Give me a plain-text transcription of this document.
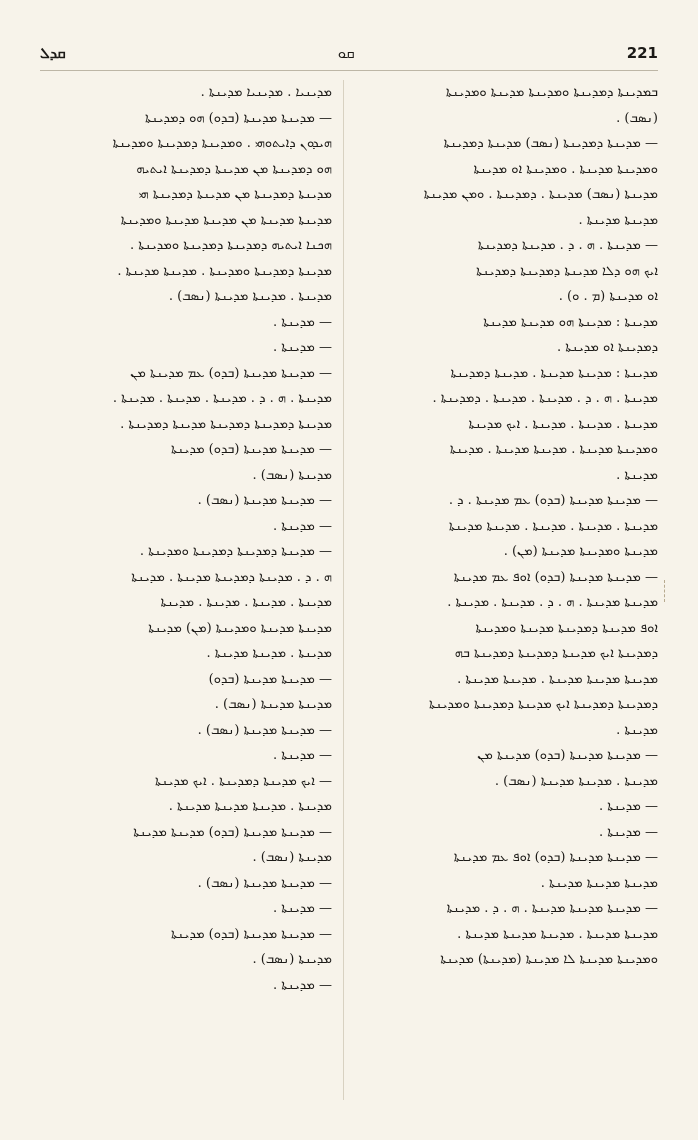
ܩܕܠ	ܩܘ	221
ܡܕܝܢܝܐ . ܡܕܝܢܝܐ ܡܕܝܢܬܐ .
— ܡܕܝܢܬܐ ܡܕܝܢܬܐ (ܒܕܘ) ܗܘ ܕܡܕܝܢܬܐ
ܗܝܕܘܢ ܕܐܝܬܘܗܝ . ܘܡܕܝܢܬܐ ܕܡܕܝܢܬܐ ܘܡܕܝܢܬܐ
ܗܘ ܕܡܕܝܢܬܐ ܡܢ ܡܕܝܢܬܐ ܕܡܕܝܢܬܐ ܐܝܬܝܗ
ܡܕܝܢܬܐ ܕܡܕܝܢܬܐ ܡܢ ܡܕܝܢܬܐ ܕܡܕܝܢܬܐ ܗܝ
ܡܕܝܢܬܐ ܡܕܝܢܬܐ ܡܢ ܡܕܝܢܬܐ ܡܕܝܢܬܐ ܘܡܕܝܢܬܐ
ܗܟܢܐ ܐܝܬܝܗ ܕܡܕܝܢܬܐ ܕܡܕܝܢܬܐ ܘܡܕܝܢܬܐ .
ܡܕܝܢܬܐ ܕܡܕܝܢܬܐ ܘܡܕܝܢܬܐ . ܡܕܝܢܬܐ ܡܕܝܢܬܐ .
ܡܕܝܢܬܐ . ܡܕܝܢܬܐ ܡܕܝܢܬܐ (ܢܣܒ) .
— ܡܕܝܢܬܐ .
— ܡܕܝܢܬܐ .
— ܡܕܝܢܬܐ ܡܕܝܢܬܐ (ܒܕܘ) ܥܡ ܡܕܝܢܬܐ ܡܢ
ܡܕܝܢܬܐ . ܗ . ܕ . ܡܕܝܢܬܐ . ܡܕܝܢܬܐ . ܡܕܝܢܬܐ .
ܡܕܝܢܬܐ ܕܡܕܝܢܬܐ ܕܡܕܝܢܬܐ ܡܕܝܢܬܐ ܕܡܕܝܢܬܐ .
— ܡܕܝܢܬܐ ܡܕܝܢܬܐ (ܒܕܘ) ܡܕܝܢܬܐ
ܡܕܝܢܬܐ (ܢܣܒ) .
— ܡܕܝܢܬܐ ܡܕܝܢܬܐ (ܢܣܒ) .
— ܡܕܝܢܬܐ .
— ܡܕܝܢܬܐ ܕܡܕܝܢܬܐ ܕܡܕܝܢܬܐ ܘܡܕܝܢܬܐ .
ܗ . ܕ . ܡܕܝܢܬܐ ܕܡܕܝܢܬܐ ܡܕܝܢܬܐ . ܡܕܝܢܬܐ
ܡܕܝܢܬܐ . ܡܕܝܢܬܐ . ܡܕܝܢܬܐ . ܡܕܝܢܬܐ
ܡܕܝܢܬܐ ܡܕܝܢܬܐ ܘܡܕܝܢܬܐ (ܡܢ) ܡܕܝܢܬܐ
ܡܕܝܢܬܐ . ܡܕܝܢܬܐ ܡܕܝܢܬܐ .
— ܡܕܝܢܬܐ ܡܕܝܢܬܐ (ܒܕܘ)
ܡܕܝܢܬܐ ܡܕܝܢܬܐ (ܢܣܒ) .
— ܡܕܝܢܬܐ ܡܕܝܢܬܐ (ܢܣܒ) .
— ܡܕܝܢܬܐ .
— ܐܝܟ ܡܕܝܢܬܐ ܕܡܕܝܢܬܐ . ܐܝܟ ܡܕܝܢܬܐ
ܡܕܝܢܬܐ . ܡܕܝܢܬܐ ܡܕܝܢܬܐ ܡܕܝܢܬܐ .
— ܡܕܝܢܬܐ ܡܕܝܢܬܐ (ܒܕܘ) ܡܕܝܢܬܐ ܡܕܝܢܬܐ
ܡܕܝܢܬܐ (ܢܣܒ) .
— ܡܕܝܢܬܐ ܡܕܝܢܬܐ (ܢܣܒ) .
— ܡܕܝܢܬܐ .
— ܡܕܝܢܬܐ ܡܕܝܢܬܐ (ܒܕܘ) ܡܕܝܢܬܐ
ܡܕܝܢܬܐ (ܢܣܒ) .
— ܡܕܝܢܬܐ .
ܒܡܕܝܢܬܐ ܕܡܕܝܢܬܐ ܘܡܕܝܢܬܐ ܡܕܝܢܬܐ ܘܡܕܝܢܬܐ
(ܢܣܒ) .
— ܡܕܝܢܬܐ ܕܡܕܝܢܬܐ (ܢܣܒ) ܡܕܝܢܬܐ ܕܡܕܝܢܬܐ
ܘܡܕܝܢܬܐ ܡܕܝܢܬܐ . ܘܡܕܝܢܬܐ ܐܘ ܡܕܝܢܬܐ
ܡܕܝܢܬܐ (ܢܣܒ) ܡܕܝܢܬܐ . ܕܡܕܝܢܬܐ . ܘܡܢ ܡܕܝܢܬܐ
ܡܕܝܢܬܐ ܡܕܝܢܬܐ .
— ܡܕܝܢܬܐ . ܗ . ܕ . ܡܕܝܢܬܐ ܕܡܕܝܢܬܐ
ܐܝܟ ܗܘ ܕܠܐ ܡܕܝܢܬܐ ܕܡܕܝܢܬܐ ܕܡܕܝܢܬܐ
ܐܘ ܡܕܝܢܬܐ (ܡ . ܘ) .
ܡܕܝܢܬܐ : ܡܕܝܢܬܐ ܗܘ ܡܕܝܢܬܐ ܡܕܝܢܬܐ
ܕܡܕܝܢܬܐ ܐܘ ܡܕܝܢܬܐ .
ܡܕܝܢܬܐ : ܡܕܝܢܬܐ ܡܕܝܢܬܐ . ܡܕܝܢܬܐ ܕܡܕܝܢܬܐ
ܡܕܝܢܬܐ . ܗ . ܕ . ܡܕܝܢܬܐ . ܡܕܝܢܬܐ . ܕܡܕܝܢܬܐ .
ܡܕܝܢܬܐ . ܡܕܝܢܬܐ . ܡܕܝܢܬܐ . ܐܝܟ ܡܕܝܢܬܐ
ܘܡܕܝܢܬܐ ܡܕܝܢܬܐ . ܡܕܝܢܬܐ ܡܕܝܢܬܐ . ܡܕܝܢܬܐ
ܡܕܝܢܬܐ .
— ܡܕܝܢܬܐ ܡܕܝܢܬܐ (ܒܕܘ) ܥܡ ܡܕܝܢܬܐ . ܕ .
ܡܕܝܢܬܐ . ܡܕܝܢܬܐ . ܡܕܝܢܬܐ . ܡܕܝܢܬܐ ܡܕܝܢܬܐ
ܡܕܝܢܬܐ ܘܡܕܝܢܬܐ ܡܕܝܢܬܐ (ܡܢ) .
— ܡܕܝܢܬܐ ܡܕܝܢܬܐ (ܒܕܘ) ܐܘܦ ܥܡ ܡܕܝܢܬܐ
ܡܕܝܢܬܐ ܡܕܝܢܬܐ . ܗ . ܕ . ܡܕܝܢܬܐ . ܡܕܝܢܬܐ .
ܐܘܦ ܡܕܝܢܬܐ ܕܡܕܝܢܬܐ ܡܕܝܢܬܐ ܘܡܕܝܢܬܐ
ܕܡܕܝܢܬܐ ܐܝܟ ܡܕܝܢܬܐ ܕܡܕܝܢܬܐ ܕܡܕܝܢܬܐ ܒܗ
ܡܕܝܢܬܐ ܡܕܝܢܬܐ ܡܕܝܢܬܐ . ܡܕܝܢܬܐ ܡܕܝܢܬܐ .
ܕܡܕܝܢܬܐ ܕܡܕܝܢܬܐ ܐܝܟ ܡܕܝܢܬܐ ܕܡܕܝܢܬܐ ܘܡܕܝܢܬܐ
ܡܕܝܢܬܐ .
— ܡܕܝܢܬܐ ܡܕܝܢܬܐ (ܒܕܘ) ܡܕܝܢܬܐ ܡܢ
ܡܕܝܢܬܐ . ܡܕܝܢܬܐ ܡܕܝܢܬܐ (ܢܣܒ) .
— ܡܕܝܢܬܐ .
— ܡܕܝܢܬܐ .
— ܡܕܝܢܬܐ ܡܕܝܢܬܐ (ܒܕܘ) ܐܘܦ ܥܡ ܡܕܝܢܬܐ
ܡܕܝܢܬܐ ܡܕܝܢܬܐ ܡܕܝܢܬܐ .
— ܡܕܝܢܬܐ ܡܕܝܢܬܐ ܡܕܝܢܬܐ . ܗ . ܕ . ܡܕܝܢܬܐ
ܡܕܝܢܬܐ ܡܕܝܢܬܐ . ܡܕܝܢܬܐ ܡܕܝܢܬܐ ܡܕܝܢܬܐ .
ܘܡܕܝܢܬܐ ܡܕܝܢܬܐ ܠܐ ܡܕܝܢܬܐ (ܡܕܝܢܬܐ) ܡܕܝܢܬܐ
